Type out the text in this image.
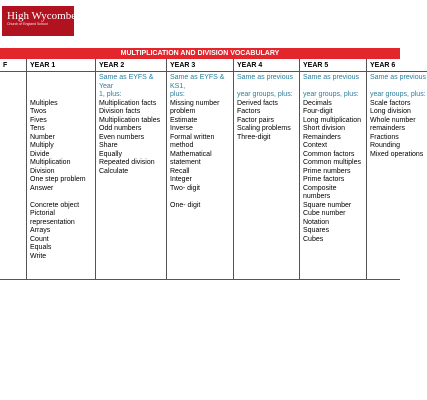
High Wycombe
Church of England School
MULTIPLICATION AND DIVISION VOCABULARY
F	YEAR 1
Multiples
Twos
Fives
Tens
Number
Multiply
Divide
Multiplication
Division
One step problem
Answer
Concrete object
Pictorial
representation
Arrays
Count
Equals
Write
YEAR 2
Same as EYFS &
Year
1, plus:
Multiplication facts
Division facts
Multiplication tables
Odd numbers
Even numbers
Share
Equally
Repeated division
Calculate
YEAR 3
Same as EYFS &
KS1,
plus:
Missing number
problem
Estimate
Inverse
Formal written
method
Mathematical
statement
Recall
Integer
Two- digit
One- digit
YEAR 4
Same as previous
year groups, plus:
Derived facts
Factors
Factor pairs
Scaling problems
Three-digit
YEAR 5
Same as previous
year groups, plus:
Decimals
Four-digit
Long multiplication
Short division
Remainders
Context
Common factors
Common multiples
Prime numbers
Prime factors
Composite
numbers
Square number
Cube number
Notation
Squares
Cubes
YEAR 6
Same as previous
year groups, plus:
Scale factors
Long division
Whole number
remainders
Fractions
Rounding
Mixed operations
